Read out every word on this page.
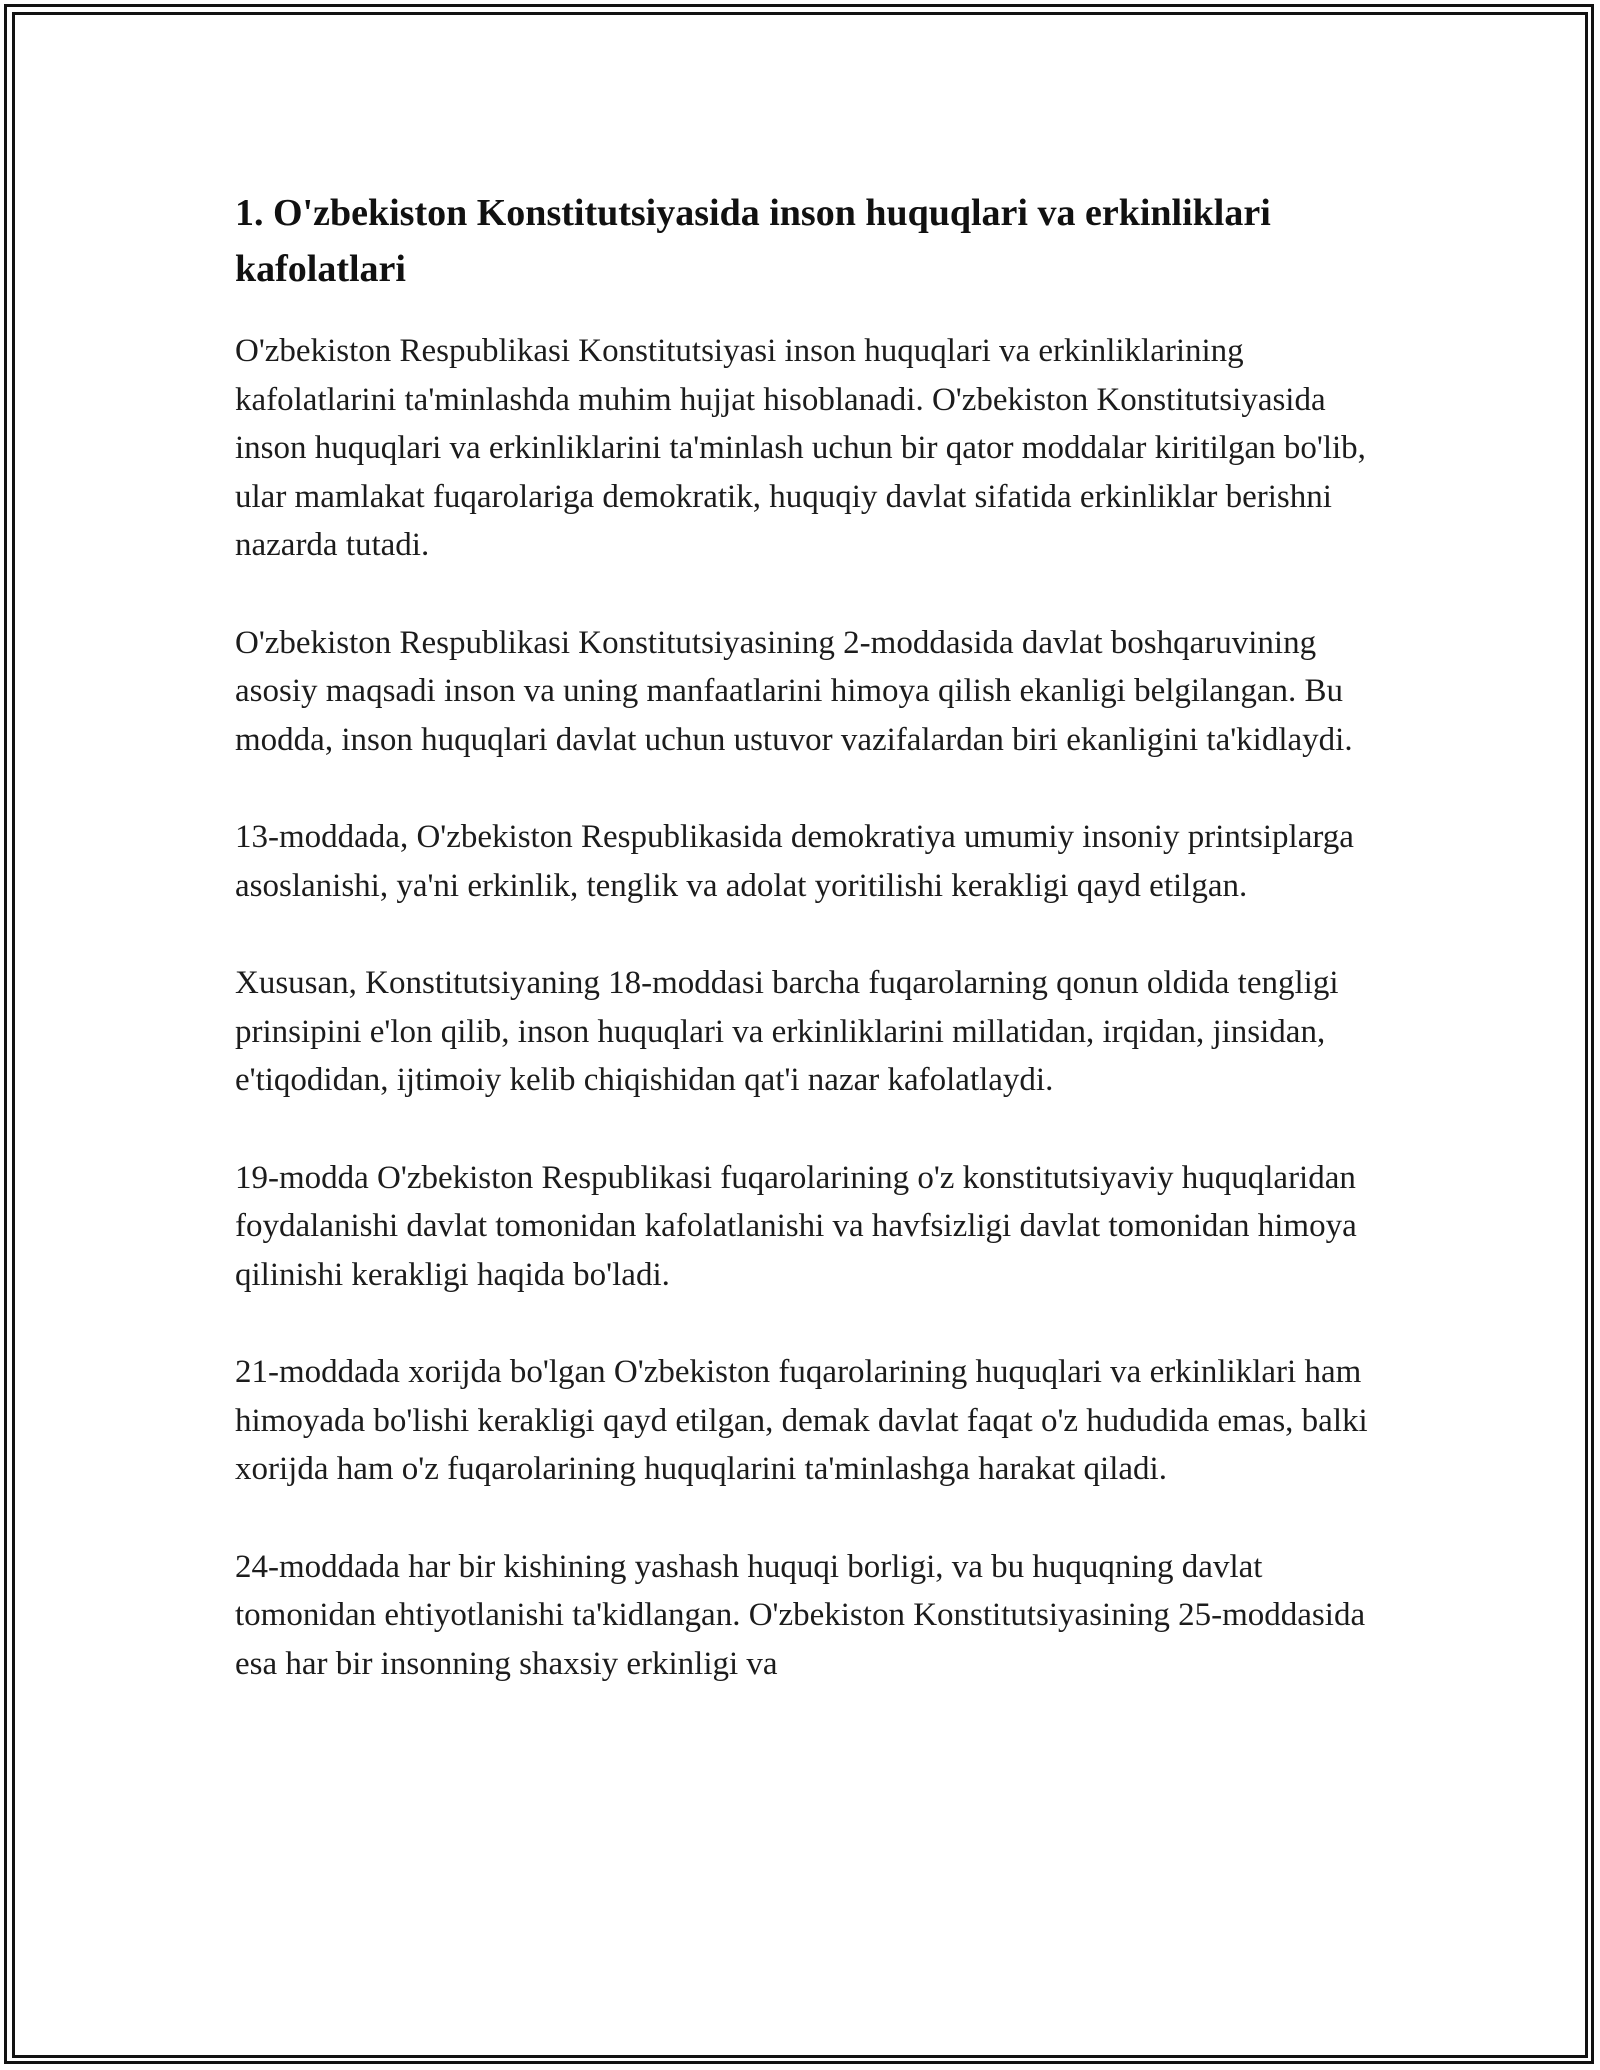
1. O'zbekiston Konstitutsiyasida inson huquqlari va erkinliklari kafolatlari

O'zbekiston Respublikasi Konstitutsiyasi inson huquqlari va erkinliklarining kafolatlarini ta'minlashda muhim hujjat hisoblanadi. O'zbekiston Konstitutsiyasida inson huquqlari va erkinliklarini ta'minlash uchun bir qator moddalar kiritilgan bo'lib, ular mamlakat fuqarolariga demokratik, huquqiy davlat sifatida erkinliklar berishni nazarda tutadi.

O'zbekiston Respublikasi Konstitutsiyasining 2-moddasida davlat boshqaruvining asosiy maqsadi inson va uning manfaatlarini himoya qilish ekanligi belgilangan. Bu modda, inson huquqlari davlat uchun ustuvor vazifalardan biri ekanligini ta'kidlaydi.

13-moddada, O'zbekiston Respublikasida demokratiya umumiy insoniy printsiplarga asoslanishi, ya'ni erkinlik, tenglik va adolat yoritilishi kerakligi qayd etilgan.

Xususan, Konstitutsiyaning 18-moddasi barcha fuqarolarning qonun oldida tengligi prinsipini e'lon qilib, inson huquqlari va erkinliklarini millatidan, irqidan, jinsidan, e'tiqodidan, ijtimoiy kelib chiqishidan qat'i nazar kafolatlaydi.

19-modda O'zbekiston Respublikasi fuqarolarining o'z konstitutsiyaviy huquqlaridan foydalanishi davlat tomonidan kafolatlanishi va havfsizligi davlat tomonidan himoya qilinishi kerakligi haqida bo'ladi.

21-moddada xorijda bo'lgan O'zbekiston fuqarolarining huquqlari va erkinliklari ham himoyada bo'lishi kerakligi qayd etilgan, demak davlat faqat o'z hududida emas, balki xorijda ham o'z fuqarolarining huquqlarini ta'minlashga harakat qiladi.

24-moddada har bir kishining yashash huquqi borligi, va bu huquqning davlat tomonidan ehtiyotlanishi ta'kidlangan. O'zbekiston Konstitutsiyasining 25-moddasida esa har bir insonning shaxsiy erkinligi va
